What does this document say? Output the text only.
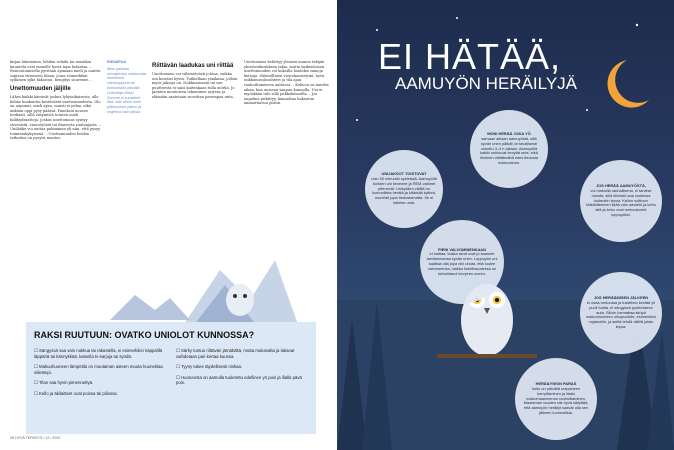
kirjan lukeminen, lehden selailu tai musiikin kuuntelu ovat monelle hyviä tapa hidastaa. – Rentoutumisella pyritään ajamaan mieli ja nuuttu sopivan vireeseen tilaan, jossa esimerkiksi sydämen syke hidastuu, hengitys suurenee...

Unettomuuden jäljille

Lähes kaikki kärsivät joskus lyhytaikaisesta, alle kolme kuukautta kestävästä unettomuudesta. Olo on uupunut, mieli apea, muisti ei pelaa, eikä mikään oppi pysy päässä. Panoksin nousee herkästi, sillä väsymistä toiseen mieli hiilihydraatteja. Joskus unettomuus syntyy stressistä, vuorotyöstä tai iltaisesta ruutuajasta. – Unilääke voi auttaa pahimman yli niin, että pysyy toimintakykyisenä. – Unettomuuden hoidon tarkoitus on pysyvä muutos.

ENSIAPUA
Moni paikkaa univajeensa nukkumalla ennemmin viikonloppuna tai torkkumalla päivällä. Unihoitaja Marjo Sunnari ei suosittele tätä, sillä silloin unen pilkkominen jatkuu ja ongelma vain jatkuu.
Riittävän laadukas uni riittää

Unettomuus voi vähentävästi johtua, vaikka uni kestäisi hyvin. Tutkiellaan yöaikana, jolloin myös jaksoja on. Nukkumisesta tai sen puutteesta ei saisi kuitenkaan tulla mörkö. Jo pienten muutosten tekeminen arjessa ja elämään saatetaan suosittaa parempaa unta.

Unettomuus kehittyy yleensä munen tekijän yhteisvaikutuksen takia, mutta kaikenlaisen unettomuuden voi kokoilla hoidoksi samoja keinoja. Sääntöllinen vuorokausirytmi, hyvä nukkumisolosuhteet ja tila ajan rauhoittamiseen auttavat. – Kehoon on nauttia aikaa, kun uniseen saapuu kunnolla. Uni ei myöskään tule sillä pakkokeinoilla. – Jos ongelma pitkittyy, kannattaa hakeutua ammattiavun piiriin.

RAKSI RUUTUUN: OVATKO UNIOLOT KUNNOSSA?
☐ Sängyssä saa vain nukkua tai rakastella, ei esimerkiksi näppäillä läppäriä tai kännykkää, katsella tv-sarjoja tai syödä.
☐ Makuuhuoneen lämpötila on muutaman asteen muuta huonetilaa viileämpi.
☐ Tilan saa hyvin pimennettyä.
☐ Kello ja äkilaitteet ovat poissa tai piilossa.
☐ Särky tuntuu riittävän jämäkältä, mutta mukavalta ja lakanat vaihdetaan pari kertaa kuussa.
☐ Tyyny tukee täydellisesti niskaa.
☐ Huoneesta on aamulla tuuletettu edellinen yö pois ja illalla pävä pois.
28 HYVÄ TERVEYS / 12 / 2020
EI HÄTÄÄ,
AAMUYÖN HERÄILYJÄ
MONI HERÄÄ JOKA YÖ
samaan aikaan aamuyöstä, sillä syvän unen pätkät on tavallisesti nukuttu 3–4 h aikaan. Aamuyöllä kaikki nukkuvat kevyttä unta, eikä ihminen välttämättä edes tiedosta nukkuvansa.
UNIJAKSOT TOISTUVAT
noin 90 minuutin sykleissä. Aamuyöllä kohden uni kevenee ja REM-vaiheet pitenevät. Unisyklien välillä on luonnollista herätä ja kääntää kylkeä, moneisti jopa tiedostamatta. Se ei häiritse unta.
JOS HERÄÄ AAMUYÖSTÄ,
voi makoilla rauhallisena, ei tarvitse nousta, sillä elimistö saa vuotessa kuitenkin lepoa. Kellon soittoon hiätähtäminen lisää vain aaviellö ja keho sitä ja keho ovat rentoutuneet loppuyöksi.
PIENI VALVOMINENKAAN
ei haittaa, koska aivot ovat jo saaneet tarvitsemansa syvän unen. Loppuyön uni saattaa olla jopa niin uhuta, että luulee valvoneensa, vaikka todellisuudessa on torkahtanut kevyeen uneen.
JOS HERÄÄMISEN JÄLKEEN
ei osaa rentoutua ja tuskittelu kestää yli puoli tuntia, ei sängyssä pyörimiseen auta. Silloin kannattaa siirtyä makuuhuoneen ulkopuolelle, esimerkiksi nojatuoliin, ja sieltä tehdä välillä jotain lepoa.
HERÄILYNKIN PARAS
hoito on päivällä unipaineen kerryttäminen ja illalla nukkumaanmenon rauhoittaminen. Mautaman vuoden siis hyvä säilyttää, että aamuyön heräilyt saavat olla sen jälkeen luonnollisia.
